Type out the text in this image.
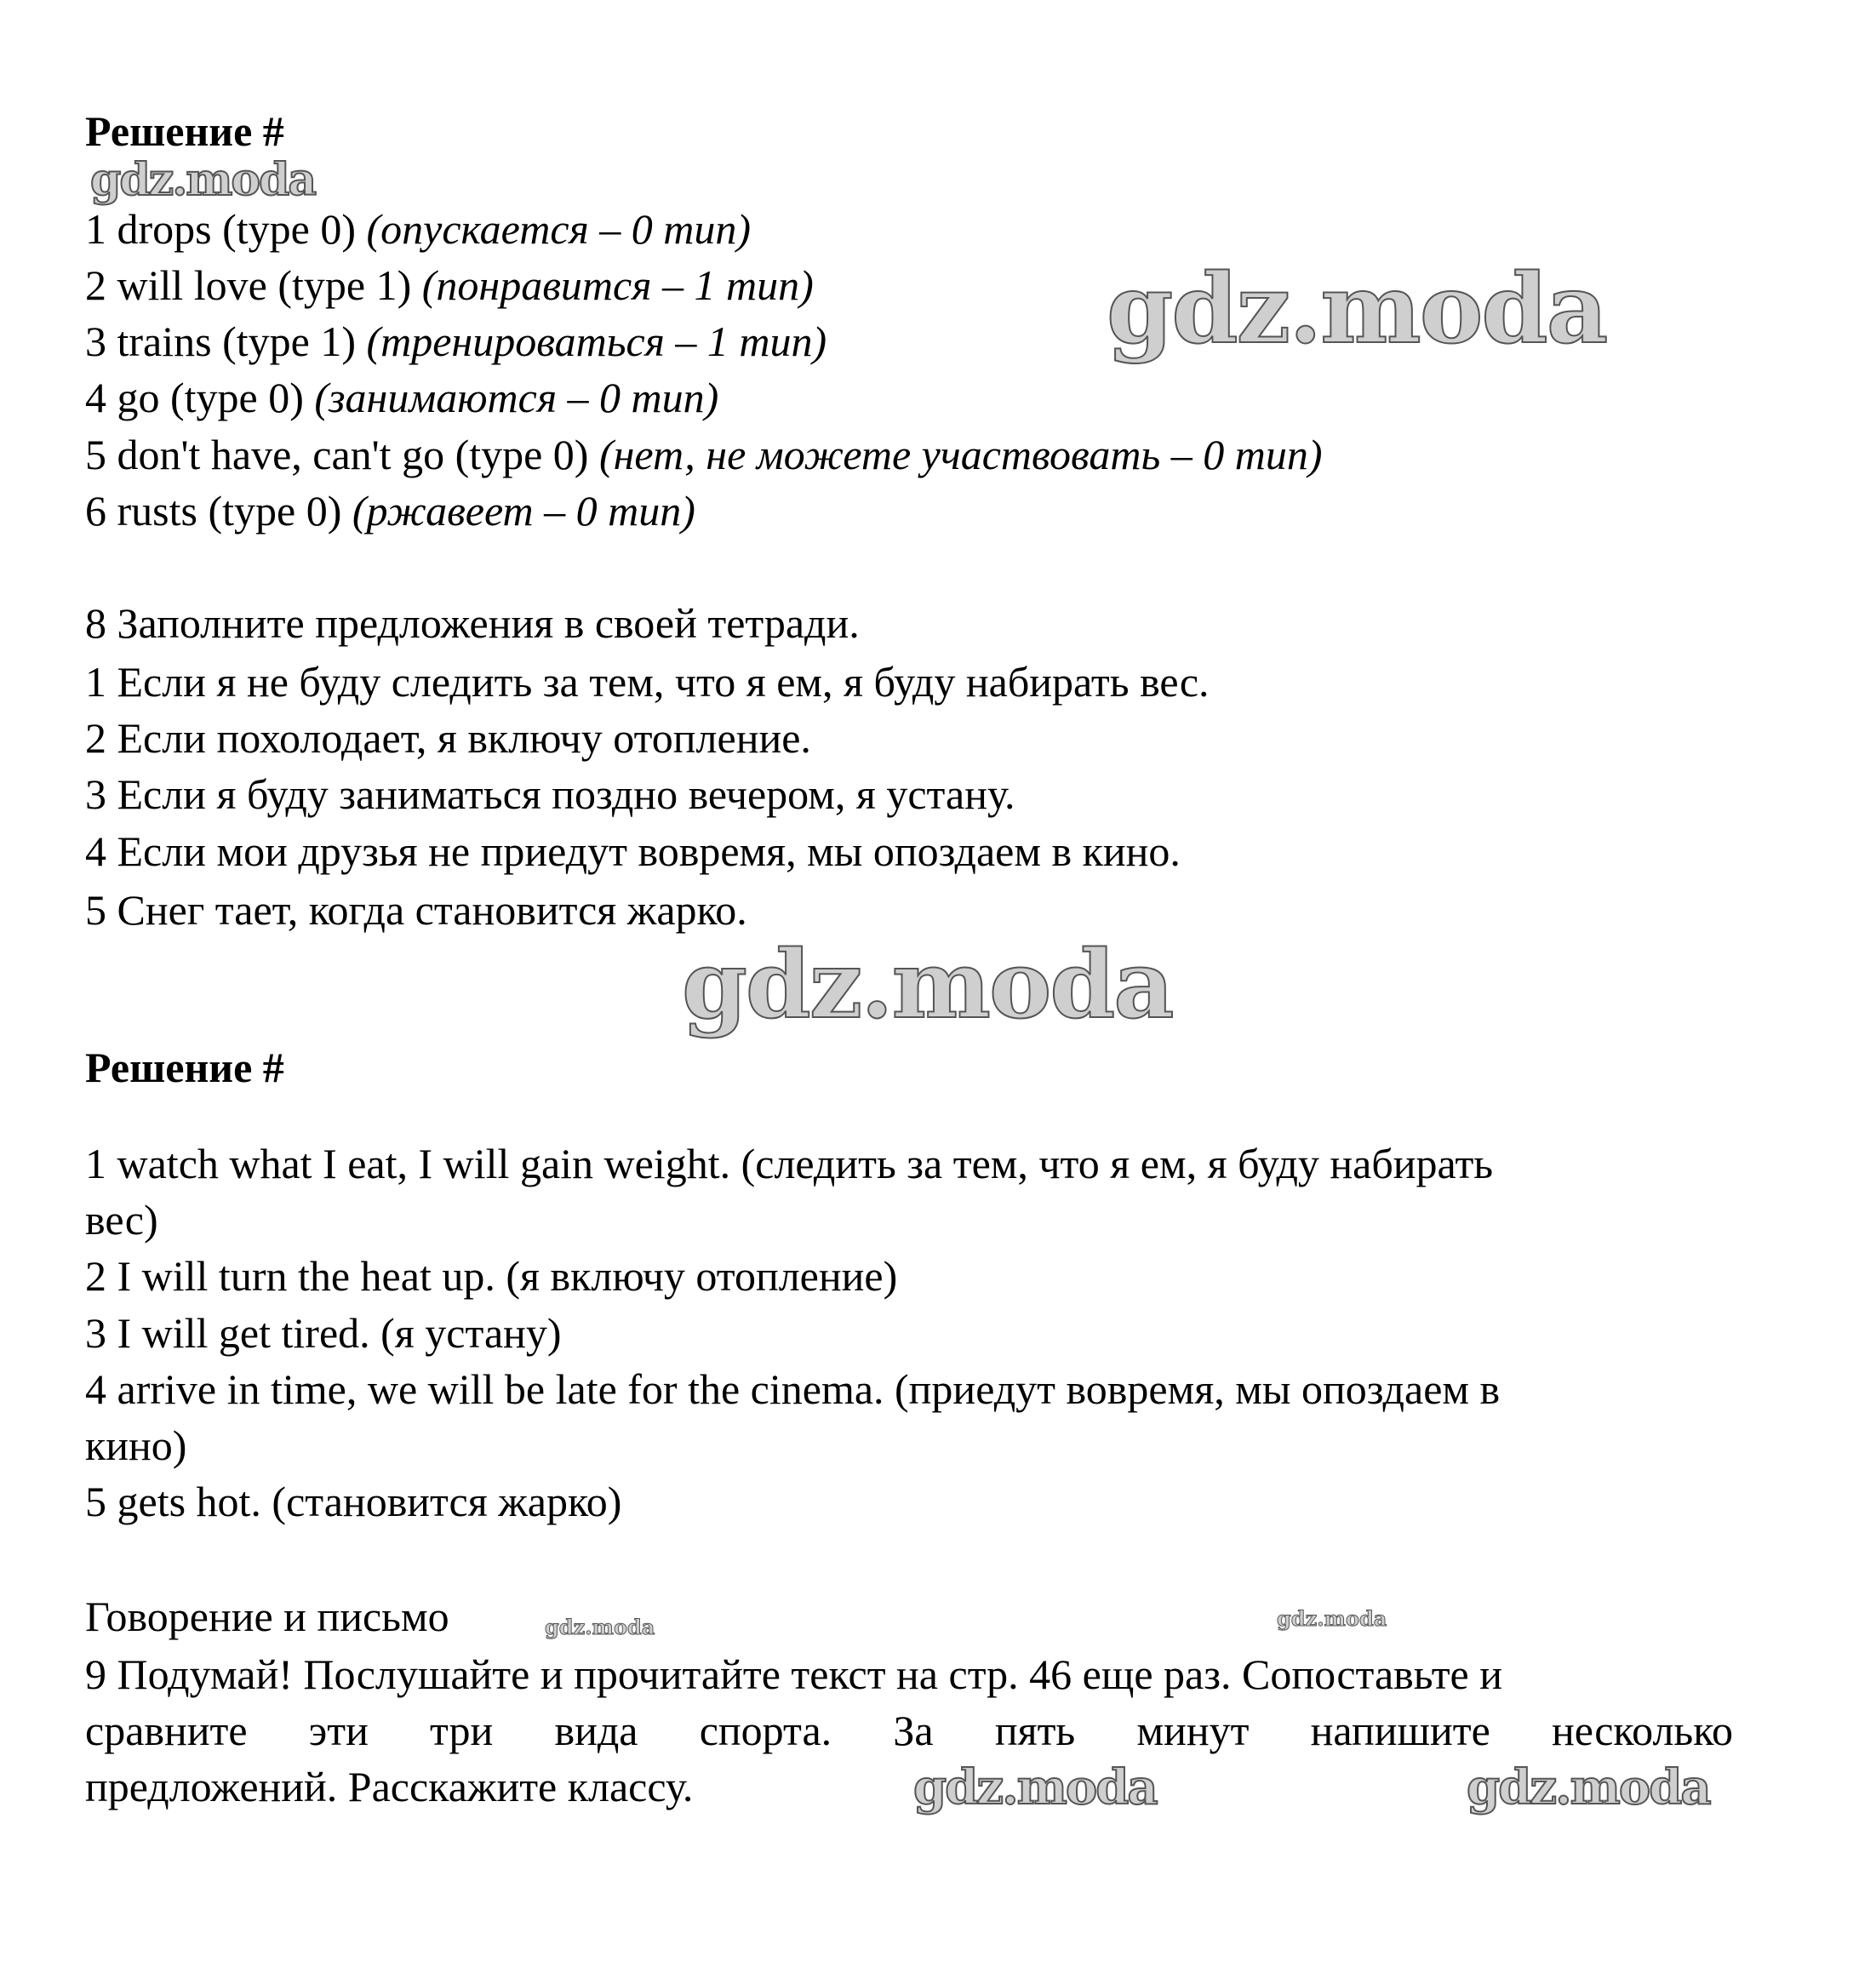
Решение #
gdz.moda
1 drops (type 0) (опускается – 0 тип)
2 will love (type 1) (понравится – 1 тип)
3 trains (type 1) (тренироваться – 1 тип)
4 go (type 0) (занимаются – 0 тип)
5 don't have, can't go (type 0) (нет, не можете участвовать – 0 тип)
6 rusts (type 0) (ржавеет – 0 тип)
gdz.moda
8 Заполните предложения в своей тетради.
1 Если я не буду следить за тем, что я ем, я буду набирать вес.
2 Если похолодает, я включу отопление.
3 Если я буду заниматься поздно вечером, я устану.
4 Если мои друзья не приедут вовремя, мы опоздаем в кино.
5 Снег тает, когда становится жарко.
gdz.moda
Решение #
1 watch what I eat, I will gain weight. (следить за тем, что я ем, я буду набирать
вес)
2 I will turn the heat up. (я включу отопление)
3 I will get tired. (я устану)
4 arrive in time, we will be late for the cinema. (приедут вовремя, мы опоздаем в
кино)
5 gets hot. (становится жарко)
Говорение и письмо	gdz.moda
9 Подумай! Послушайте и прочитайте текст на стр. 46 еще раз. Сопоставьте и
gdz.moda
сравните эти три вида спорта. За пять минут напишите несколько
предложений. Расскажите классу.	gdz.moda	gdz.moda
